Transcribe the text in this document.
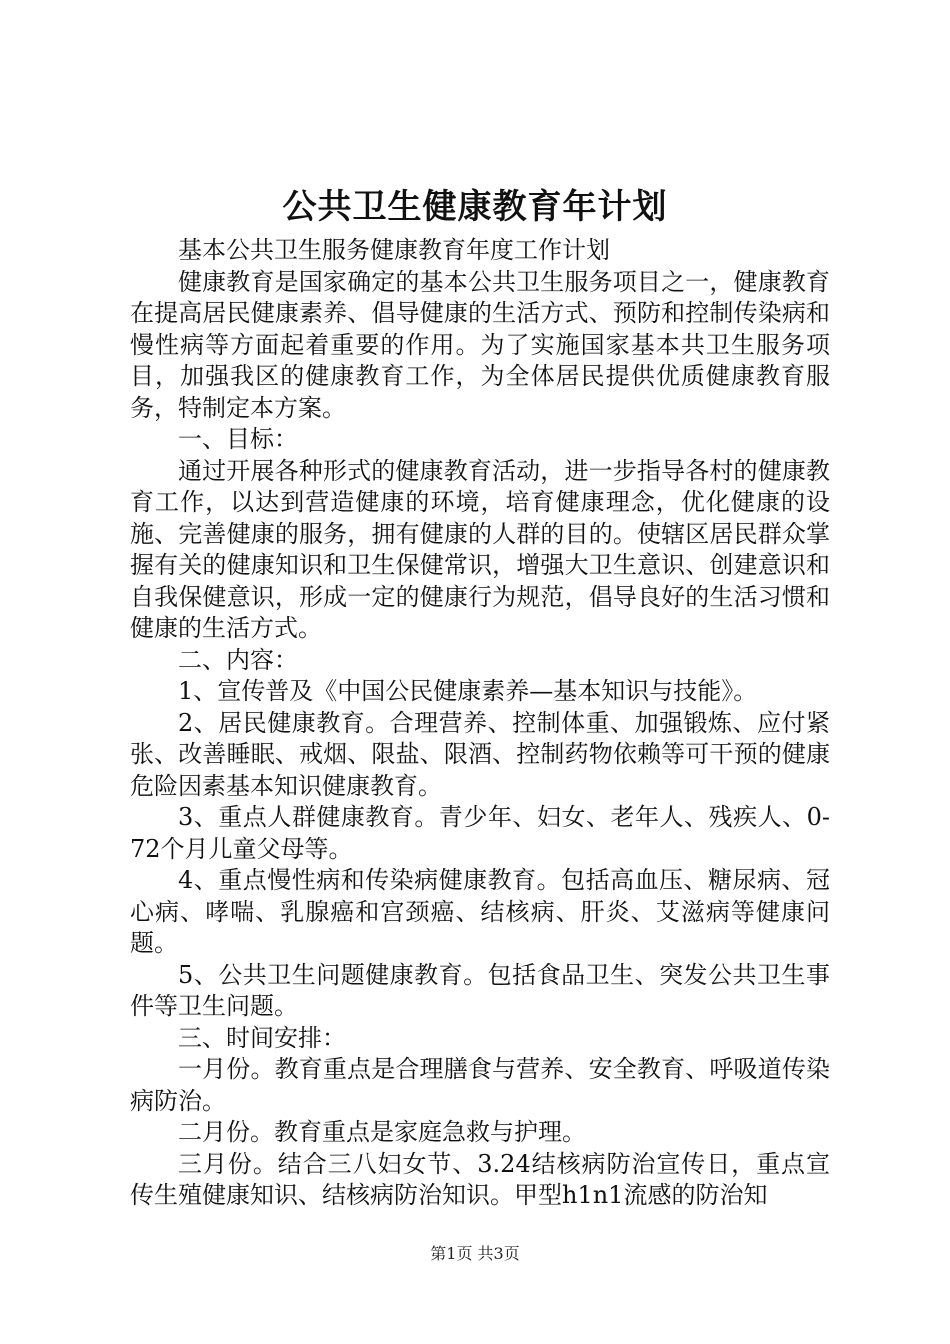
公共卫生健康教育年计划

基本公共卫生服务健康教育年度工作计划

健康教育是国家确定的基本公共卫生服务项目之一，健康教育在提高居民健康素养、倡导健康的生活方式、预防和控制传染病和慢性病等方面起着重要的作用。为了实施国家基本共卫生服务项目，加强我区的健康教育工作，为全体居民提供优质健康教育服务，特制定本方案。

一、目标：

通过开展各种形式的健康教育活动，进一步指导各村的健康教育工作，以达到营造健康的环境，培育健康理念，优化健康的设施、完善健康的服务，拥有健康的人群的目的。使辖区居民群众掌握有关的健康知识和卫生保健常识，增强大卫生意识、创建意识和自我保健意识，形成一定的健康行为规范，倡导良好的生活习惯和健康的生活方式。

二、内容：

1、宣传普及《中国公民健康素养—基本知识与技能》。

2、居民健康教育。合理营养、控制体重、加强锻炼、应付紧张、改善睡眠、戒烟、限盐、限酒、控制药物依赖等可干预的健康危险因素基本知识健康教育。

3、重点人群健康教育。青少年、妇女、老年人、残疾人、0-72个月儿童父母等。

4、重点慢性病和传染病健康教育。包括高血压、糖尿病、冠心病、哮喘、乳腺癌和宫颈癌、结核病、肝炎、艾滋病等健康问题。

5、公共卫生问题健康教育。包括食品卫生、突发公共卫生事件等卫生问题。

三、时间安排：

一月份。教育重点是合理膳食与营养、安全教育、呼吸道传染病防治。

二月份。教育重点是家庭急救与护理。

三月份。结合三八妇女节、3.24结核病防治宣传日，重点宣传生殖健康知识、结核病防治知识。甲型h1n1流感的防治知

第1页 共3页
